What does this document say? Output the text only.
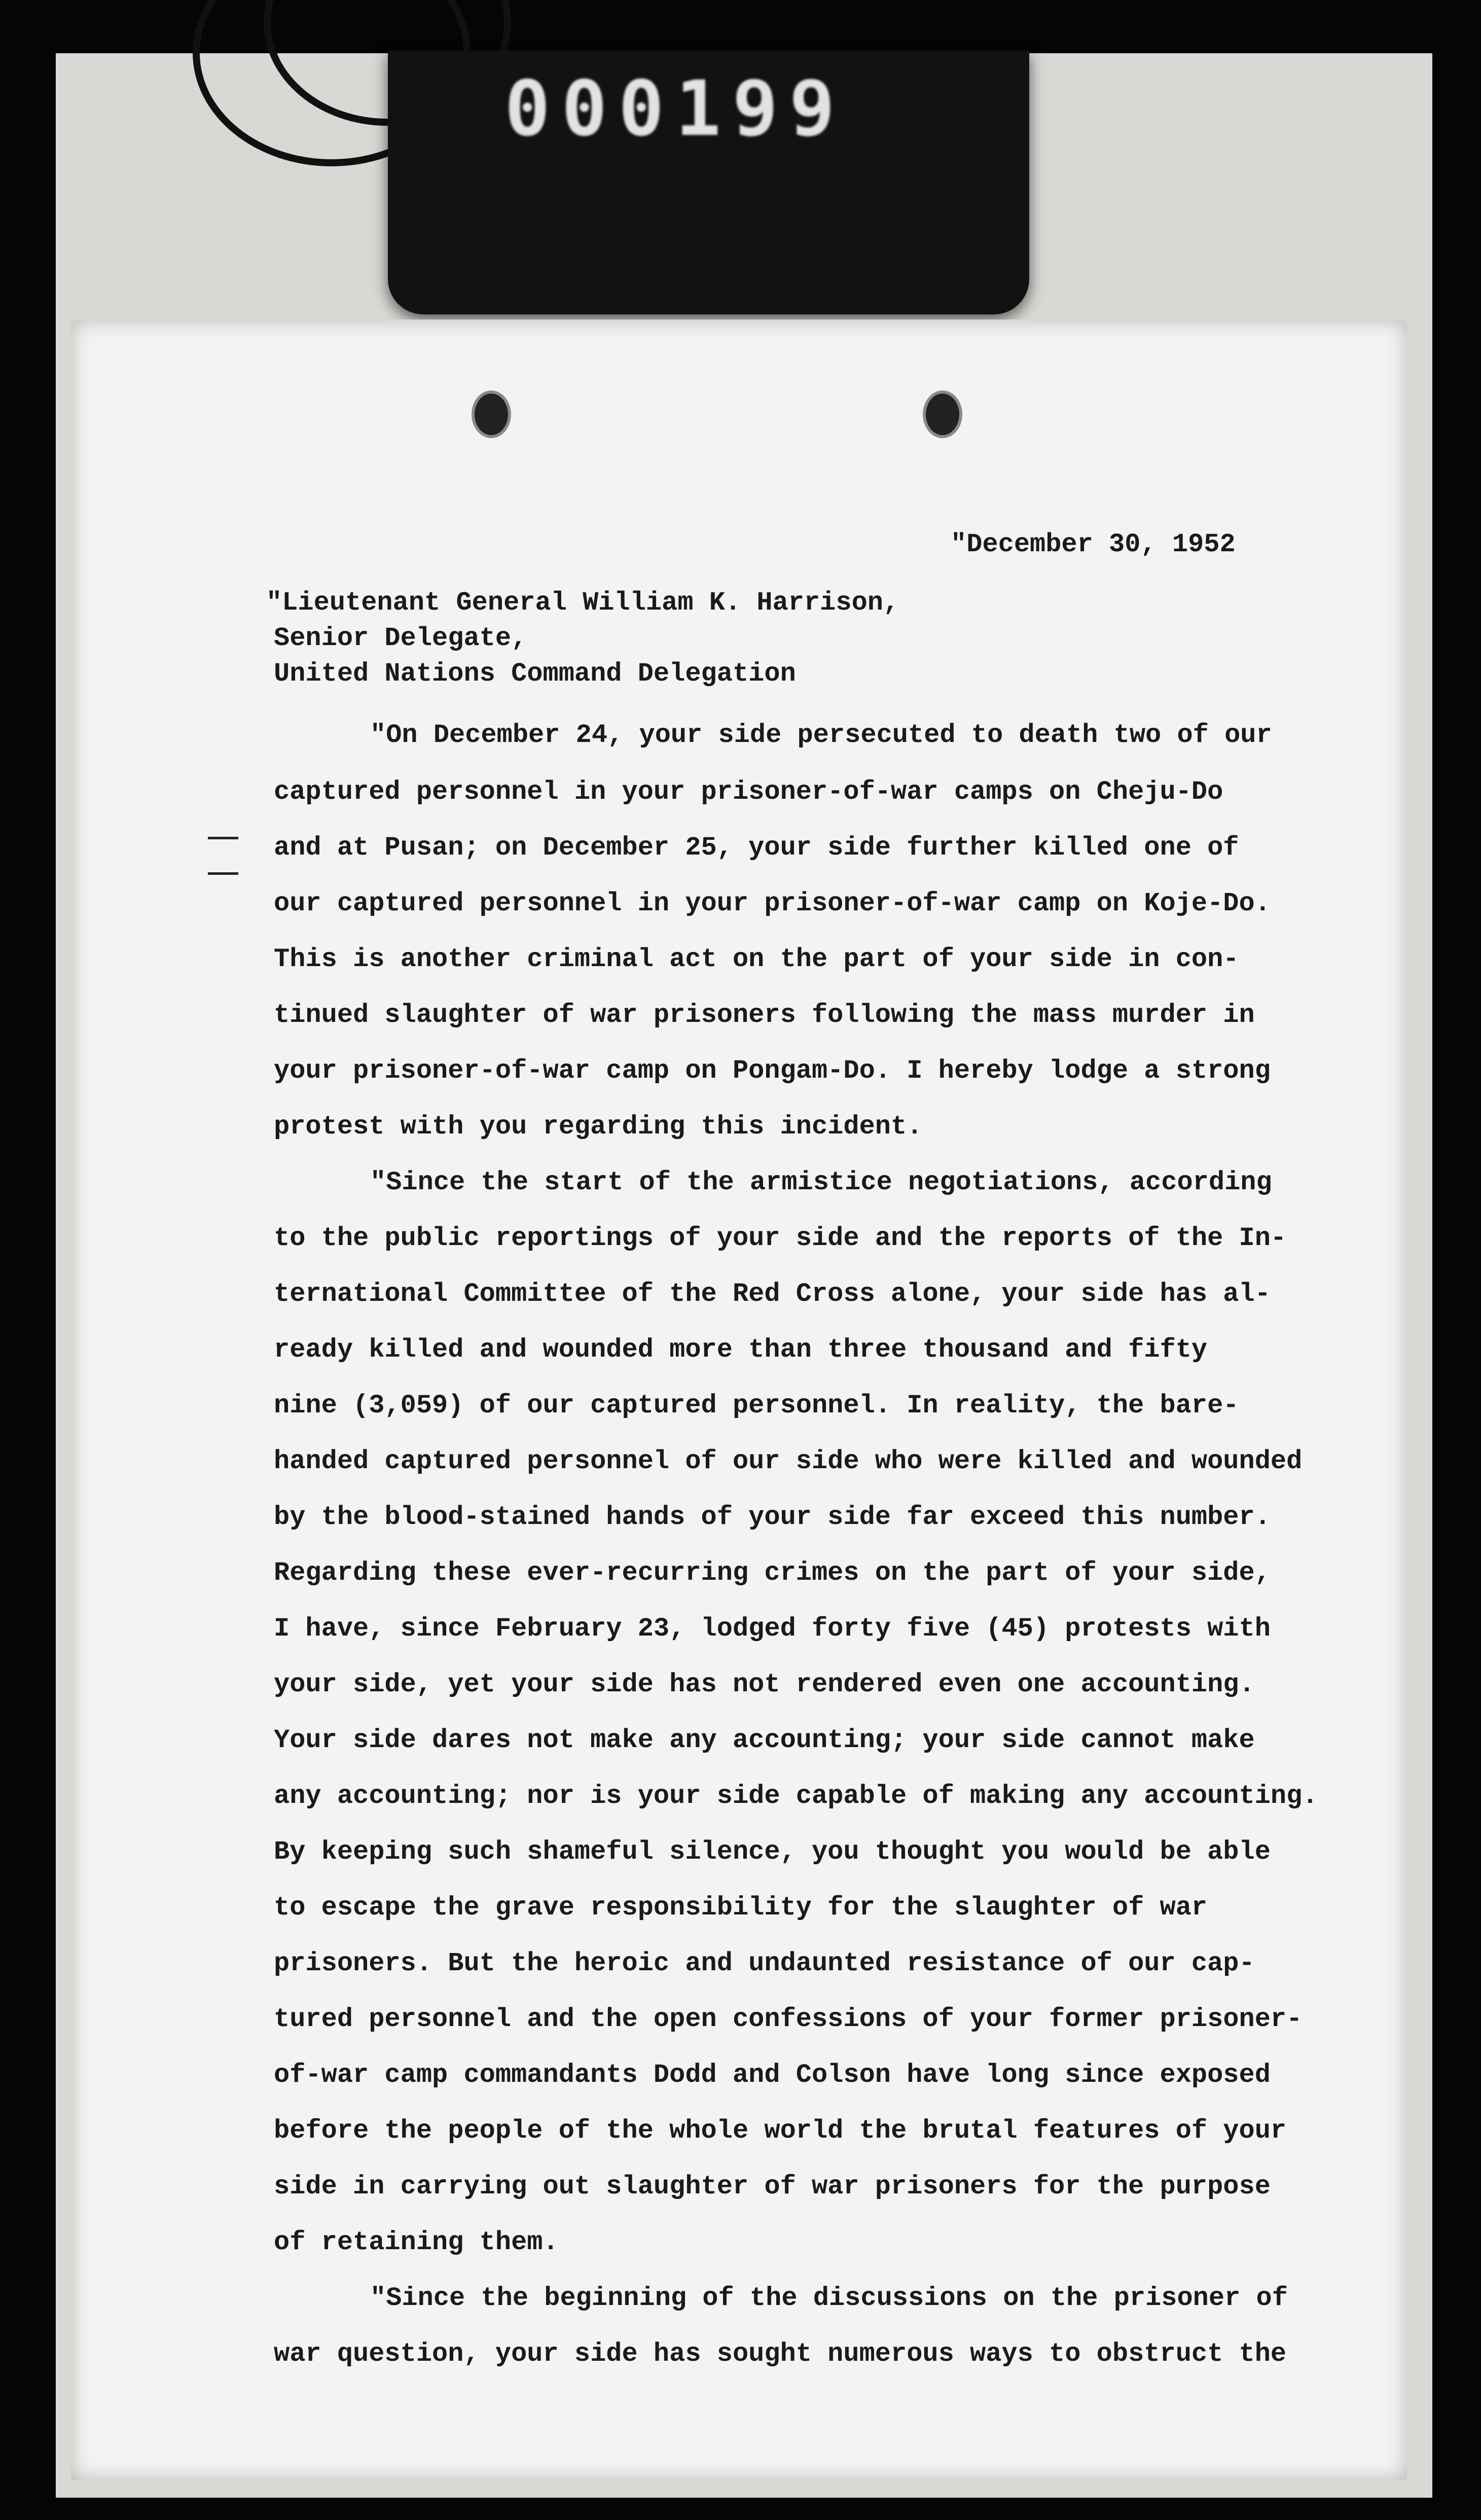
000199
"December 30, 1952
"Lieutenant General William K. Harrison,
Senior Delegate,
United Nations Command Delegation
"On December 24, your side persecuted to death two of our
captured personnel in your prisoner-of-war camps on Cheju-Do
and at Pusan; on December 25, your side further killed one of
our captured personnel in your prisoner-of-war camp on Koje-Do.
This is another criminal act on the part of your side in con-
tinued slaughter of war prisoners following the mass murder in
your prisoner-of-war camp on Pongam-Do. I hereby lodge a strong
protest with you regarding this incident.
"Since the start of the armistice negotiations, according
to the public reportings of your side and the reports of the In-
ternational Committee of the Red Cross alone, your side has al-
ready killed and wounded more than three thousand and fifty
nine (3,059) of our captured personnel. In reality, the bare-
handed captured personnel of our side who were killed and wounded
by the blood-stained hands of your side far exceed this number.
Regarding these ever-recurring crimes on the part of your side,
I have, since February 23, lodged forty five (45) protests with
your side, yet your side has not rendered even one accounting.
Your side dares not make any accounting; your side cannot make
any accounting; nor is your side capable of making any accounting.
By keeping such shameful silence, you thought you would be able
to escape the grave responsibility for the slaughter of war
prisoners. But the heroic and undaunted resistance of our cap-
tured personnel and the open confessions of your former prisoner-
of-war camp commandants Dodd and Colson have long since exposed
before the people of the whole world the brutal features of your
side in carrying out slaughter of war prisoners for the purpose
of retaining them.
"Since the beginning of the discussions on the prisoner of
war question, your side has sought numerous ways to obstruct the
